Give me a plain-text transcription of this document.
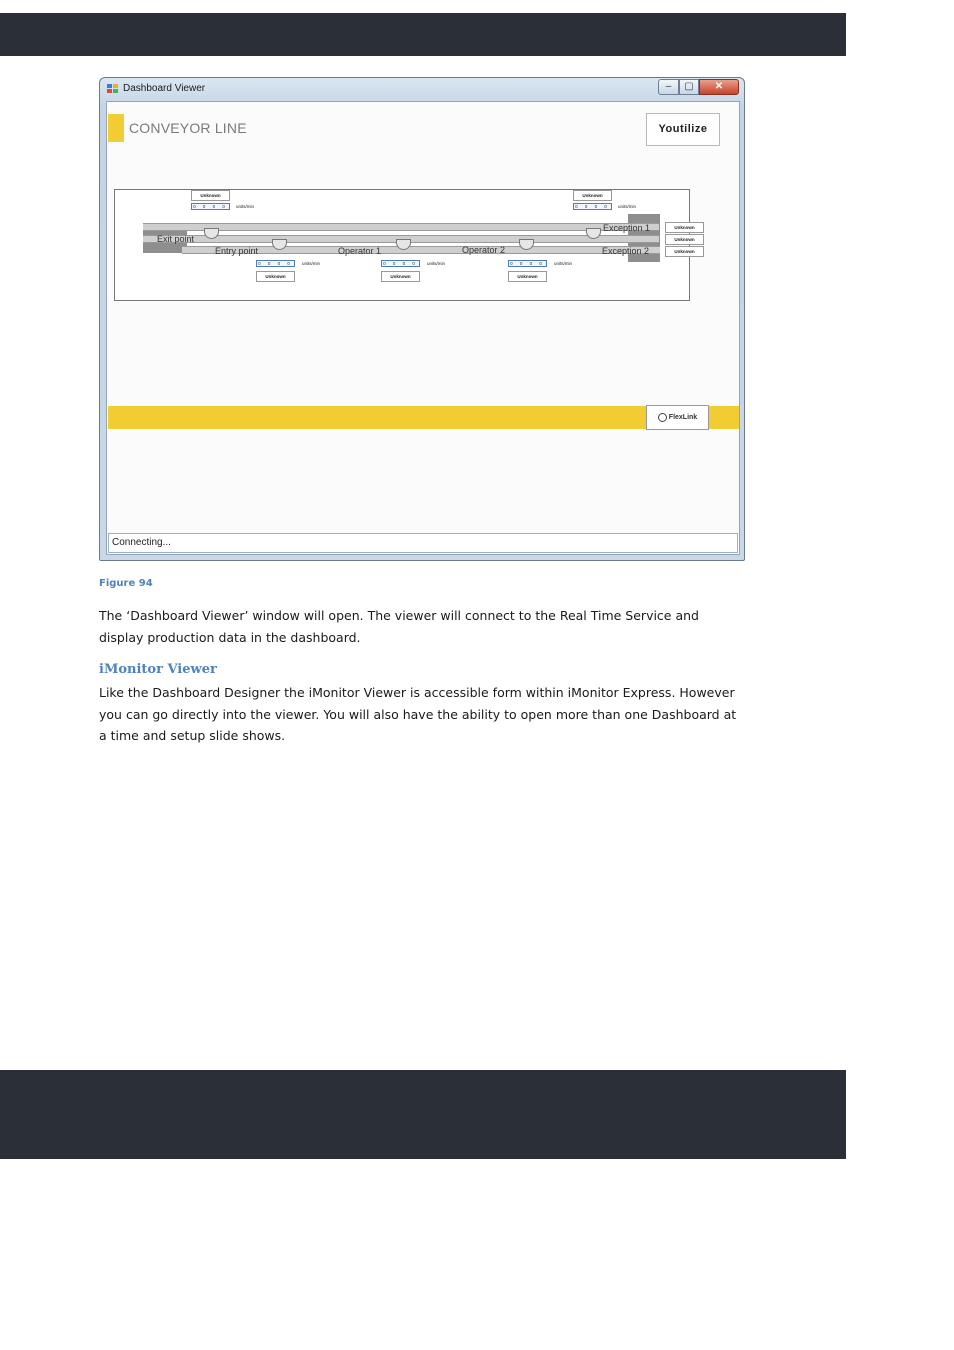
Dashboard Viewer	–	▢	✕
CONVEYOR LINE	Youtilize
Exit point
Entry point	Operator 1	Operator 2
Exception 1
Exception 2
Unknown
0 0 0 0	units/min
Unknown
0 0 0 0	units/min
Unknown
Unknown
Unknown
0 0 0 0	units/min
Unknown
0 0 0 0	units/min
Unknown
0 0 0 0	units/min
Unknown
FlexLink
Connecting...
Figure 94

The ‘Dashboard Viewer’ window will open. The viewer will connect to the Real Time Service and display production data in the dashboard.

iMonitor Viewer

Like the Dashboard Designer the iMonitor Viewer is accessible form within iMonitor Express. However you can go directly into the viewer. You will also have the ability to open more than one Dashboard at a time and setup slide shows.
